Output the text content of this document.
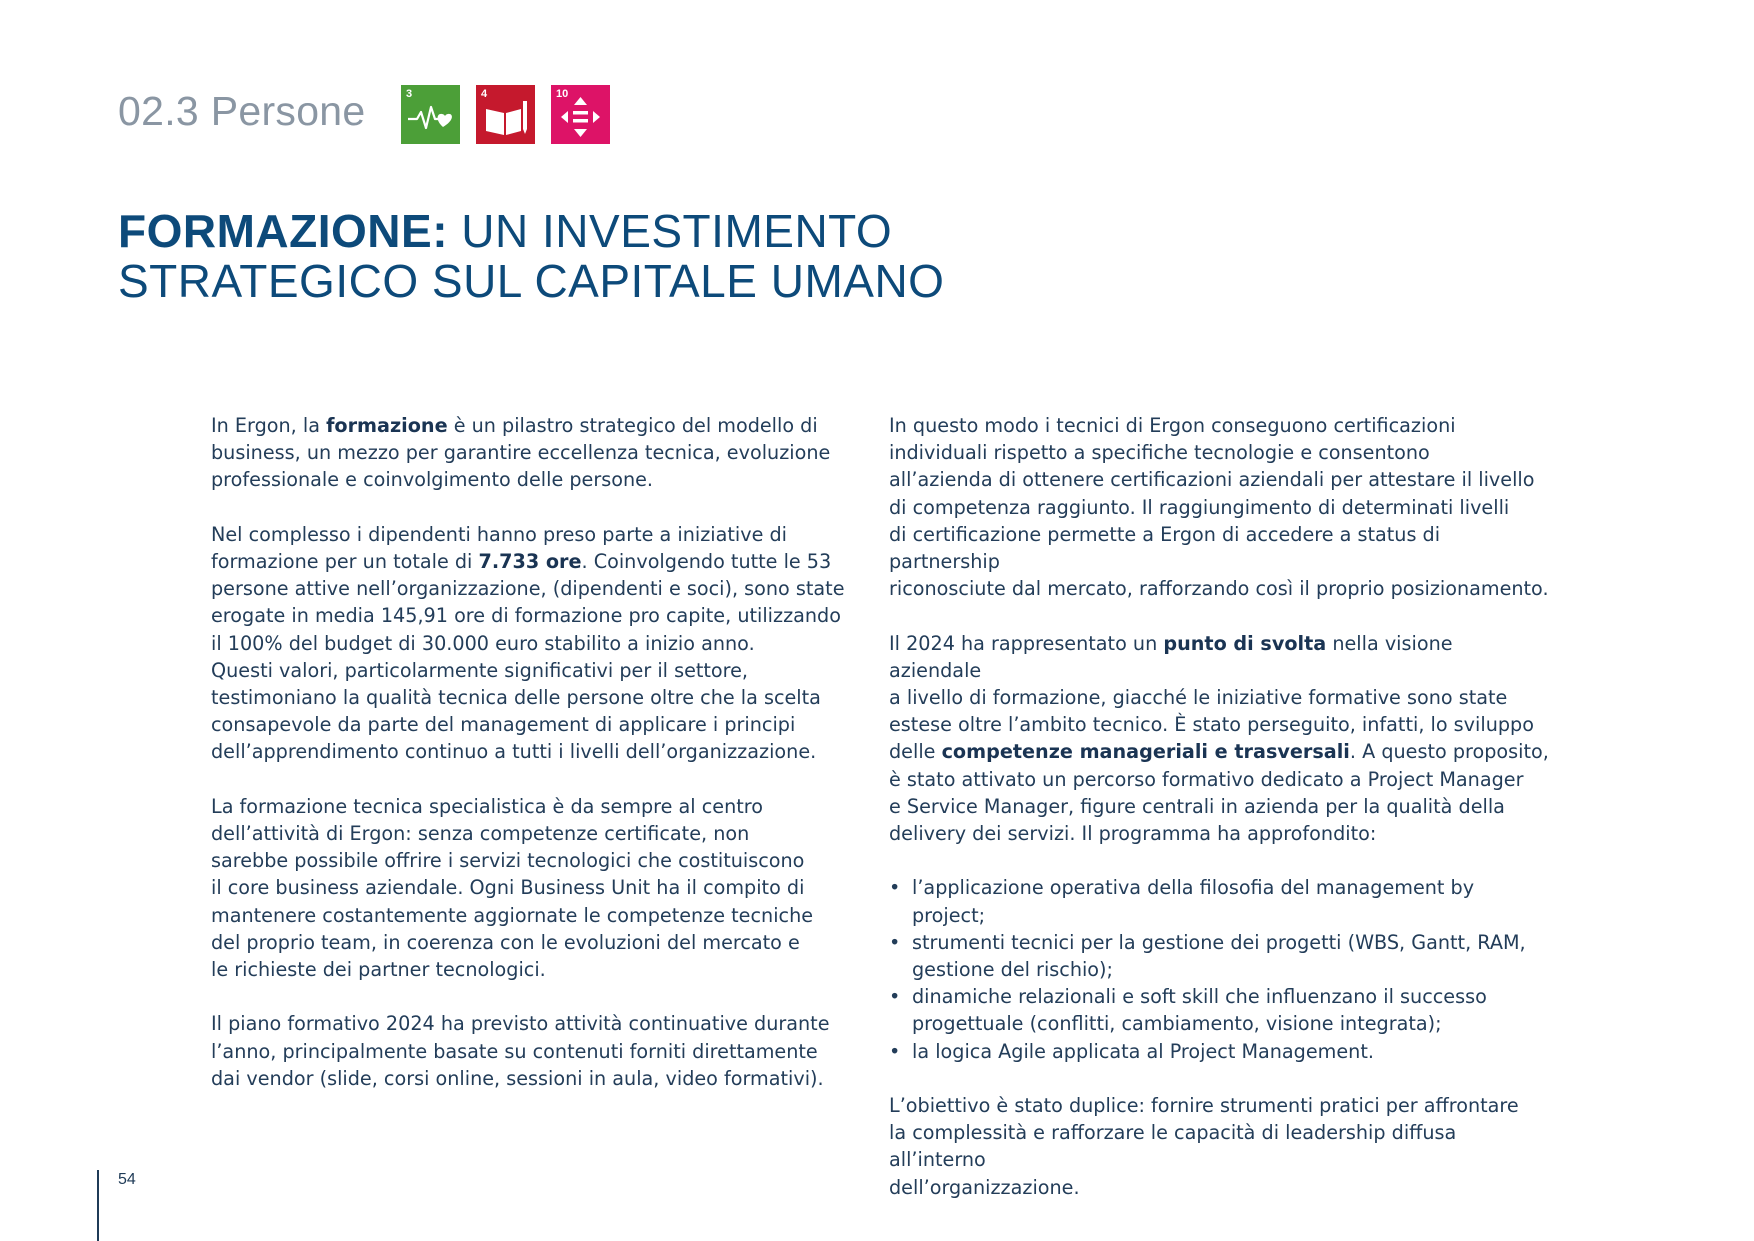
02.3 Persone	3	4	10
FORMAZIONE: UN INVESTIMENTO
STRATEGICO SUL CAPITALE UMANO

In Ergon, la formazione è un pilastro strategico del modello di
business, un mezzo per garantire eccellenza tecnica, evoluzione
professionale e coinvolgimento delle persone.

Nel complesso i dipendenti hanno preso parte a iniziative di
formazione per un totale di 7.733 ore. Coinvolgendo tutte le 53
persone attive nell’organizzazione, (dipendenti e soci), sono state
erogate in media 145,91 ore di formazione pro capite, utilizzando
il 100% del budget di 30.000 euro stabilito a inizio anno.
Questi valori, particolarmente significativi per il settore,
testimoniano la qualità tecnica delle persone oltre che la scelta
consapevole da parte del management di applicare i principi
dell’apprendimento continuo a tutti i livelli dell’organizzazione.

La formazione tecnica specialistica è da sempre al centro
dell’attività di Ergon: senza competenze certificate, non
sarebbe possibile offrire i servizi tecnologici che costituiscono
il core business aziendale. Ogni Business Unit ha il compito di
mantenere costantemente aggiornate le competenze tecniche
del proprio team, in coerenza con le evoluzioni del mercato e
le richieste dei partner tecnologici.

Il piano formativo 2024 ha previsto attività continuative durante
l’anno, principalmente basate su contenuti forniti direttamente
dai vendor (slide, corsi online, sessioni in aula, video formativi).

In questo modo i tecnici di Ergon conseguono certificazioni
individuali rispetto a specifiche tecnologie e consentono
all’azienda di ottenere certificazioni aziendali per attestare il livello
di competenza raggiunto. Il raggiungimento di determinati livelli
di certificazione permette a Ergon di accedere a status di partnership
riconosciute dal mercato, rafforzando così il proprio posizionamento.

Il 2024 ha rappresentato un punto di svolta nella visione aziendale
a livello di formazione, giacché le iniziative formative sono state
estese oltre l’ambito tecnico. È stato perseguito, infatti, lo sviluppo
delle competenze manageriali e trasversali. A questo proposito,
è stato attivato un percorso formativo dedicato a Project Manager
e Service Manager, figure centrali in azienda per la qualità della
delivery dei servizi. Il programma ha approfondito:

• l’applicazione operativa della filosofia del management by project;
• strumenti tecnici per la gestione dei progetti (WBS, Gantt, RAM,
gestione del rischio);
• dinamiche relazionali e soft skill che influenzano il successo
progettuale (conflitti, cambiamento, visione integrata);
• la logica Agile applicata al Project Management.

L’obiettivo è stato duplice: fornire strumenti pratici per affrontare
la complessità e rafforzare le capacità di leadership diffusa all’interno
dell’organizzazione.

54
